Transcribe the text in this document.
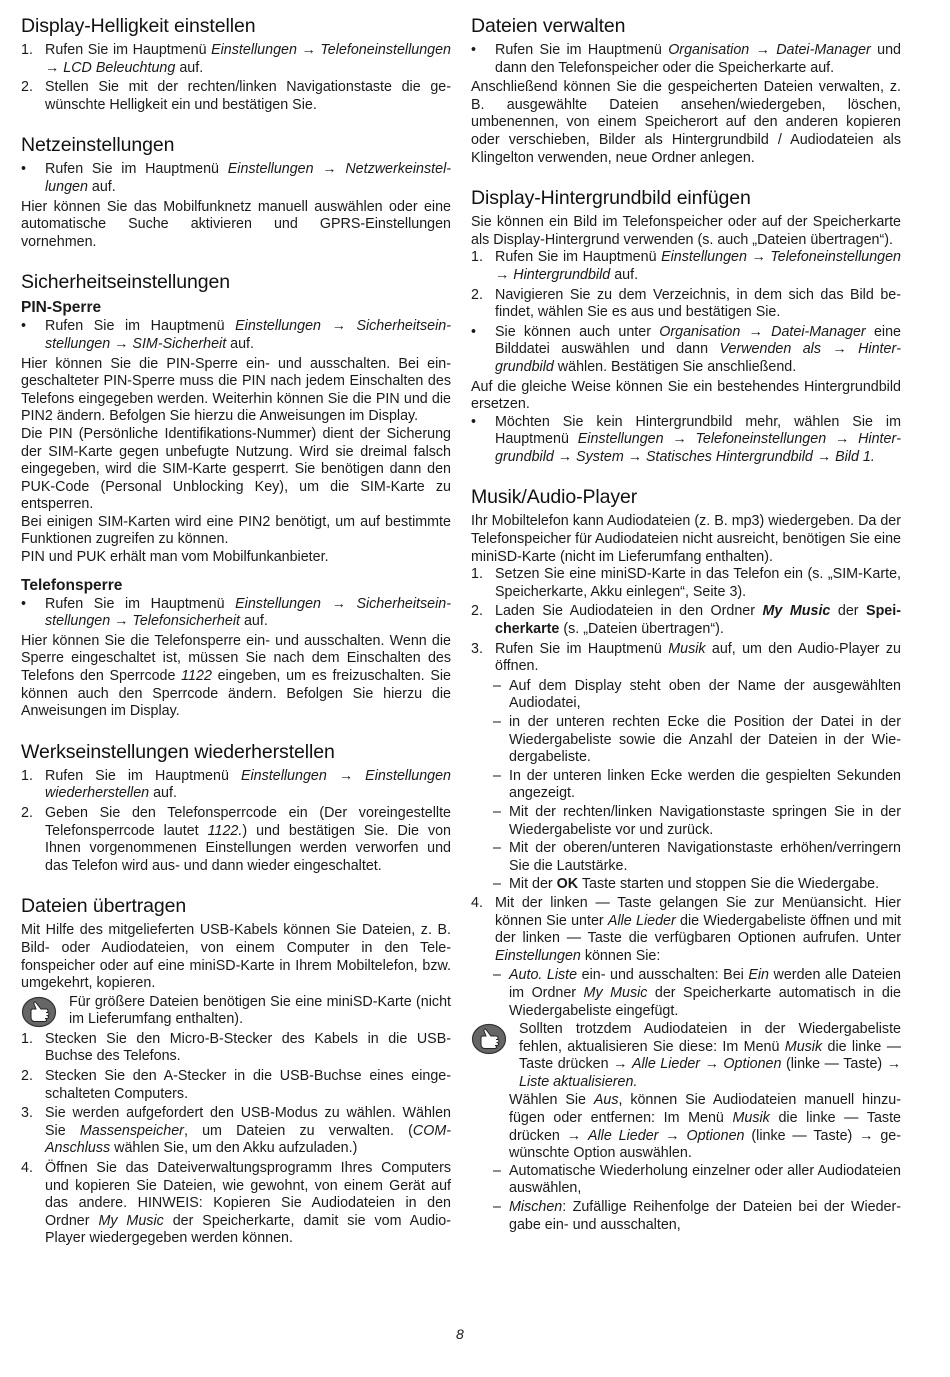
Display-Helligkeit einstellen
1. Rufen Sie im Hauptmenü Einstellungen → Telefoneinstellungen → LCD Beleuchtung auf.
2. Stellen Sie mit der rechten/linken Navigationstaste die gewünschte Helligkeit ein und bestätigen Sie.
Netzeinstellungen
•	Rufen Sie im Hauptmenü Einstellungen → Netzwerkeinstellungen auf.

Hier können Sie das Mobilfunknetz manuell auswählen oder eine automatische Suche aktivieren und GPRS-Einstellungen vornehmen.

Sicherheitseinstellungen
PIN-Sperre
•	Rufen Sie im Hauptmenü Einstellungen → Sicherheitseinstellungen → SIM-Sicherheit auf.

Hier können Sie die PIN-Sperre ein- und ausschalten. Bei eingeschalteter PIN-Sperre muss die PIN nach jedem Einschalten des Telefons eingegeben werden. Weiterhin können Sie die PIN und die PIN2 ändern. Befolgen Sie hierzu die Anweisungen im Display.

Die PIN (Persönliche Identifikations-Nummer) dient der Sicherung der SIM-Karte gegen unbefugte Nutzung. Wird sie dreimal falsch eingegeben, wird die SIM-Karte gesperrt. Sie benötigen dann den PUK-Code (Personal Unblocking Key), um die SIM-Karte zu entsperren.

Bei einigen SIM-Karten wird eine PIN2 benötigt, um auf bestimmte Funktionen zugreifen zu können.

PIN und PUK erhält man vom Mobilfunkanbieter.

Telefonsperre
•	Rufen Sie im Hauptmenü Einstellungen → Sicherheitseinstellungen → Telefonsicherheit auf.

Hier können Sie die Telefonsperre ein- und ausschalten. Wenn die Sperre eingeschaltet ist, müssen Sie nach dem Einschalten des Telefons den Sperrcode 1122 eingeben, um es freizuschalten. Sie können auch den Sperrcode ändern. Befolgen Sie hierzu die Anweisungen im Display.

Werkseinstellungen wiederherstellen
1. Rufen Sie im Hauptmenü Einstellungen → Einstellungen wiederherstellen auf.
2. Geben Sie den Telefonsperrcode ein (Der voreingestellte Telefonsperrcode lautet 1122.) und bestätigen Sie. Die von Ihnen vorgenommenen Einstellungen werden verworfen und das Telefon wird aus- und dann wieder eingeschaltet.
Dateien übertragen

Mit Hilfe des mitgelieferten USB-Kabels können Sie Dateien, z. B. Bild- oder Audiodateien, von einem Computer in den Telefonspeicher oder auf eine miniSD-Karte in Ihrem Mobiltelefon, bzw. umgekehrt, kopieren.

Für größere Dateien benötigen Sie eine miniSD-Karte (nicht im Lieferumfang enthalten).
1. Stecken Sie den Micro-B-Stecker des Kabels in die USB-Buchse des Telefons.
2. Stecken Sie den A-Stecker in die USB-Buchse eines eingeschalteten Computers.
3. Sie werden aufgefordert den USB-Modus zu wählen. Wählen Sie Massenspeicher, um Dateien zu verwalten. (COM-Anschluss wählen Sie, um den Akku aufzuladen.)
4. Öffnen Sie das Dateiverwaltungsprogramm Ihres Computers und kopieren Sie Dateien, wie gewohnt, von einem Gerät auf das andere. HINWEIS: Kopieren Sie Audiodateien in den Ordner My Music der Speicherkarte, damit sie vom Audio-Player wiedergegeben werden können.
Dateien verwalten
•	Rufen Sie im Hauptmenü Organisation → Datei-Manager und dann den Telefonspeicher oder die Speicherkarte auf.

Anschließend können Sie die gespeicherten Dateien verwalten, z. B. ausgewählte Dateien ansehen/wiedergeben, löschen, umbenennen, von einem Speicherort auf den anderen kopieren oder verschieben, Bilder als Hintergrundbild / Audiodateien als Klingelton verwenden, neue Ordner anlegen.

Display-Hintergrundbild einfügen

Sie können ein Bild im Telefonspeicher oder auf der Speicherkarte als Display-Hintergrund verwenden (s. auch „Dateien übertragen“).

1. Rufen Sie im Hauptmenü Einstellungen → Telefoneinstellungen → Hintergrundbild auf.
2. Navigieren Sie zu dem Verzeichnis, in dem sich das Bild befindet, wählen Sie es aus und bestätigen Sie.
•	Sie können auch unter Organisation → Datei-Manager eine Bilddatei auswählen und dann Verwenden als → Hintergrundbild wählen. Bestätigen Sie anschließend.

Auf die gleiche Weise können Sie ein bestehendes Hintergrundbild ersetzen.

•	Möchten Sie kein Hintergrundbild mehr, wählen Sie im Hauptmenü Einstellungen → Telefoneinstellungen → Hintergrundbild → System → Statisches Hintergrundbild → Bild 1.
Musik/Audio-Player

Ihr Mobiltelefon kann Audiodateien (z. B. mp3) wiedergeben. Da der Telefonspeicher für Audiodateien nicht ausreicht, benötigen Sie eine miniSD-Karte (nicht im Lieferumfang enthalten).

1. Setzen Sie eine miniSD-Karte in das Telefon ein (s. „SIM-Karte, Speicherkarte, Akku einlegen“, Seite 3).
2. Laden Sie Audiodateien in den Ordner My Music der Speicherkarte (s. „Dateien übertragen“).
3. Rufen Sie im Hauptmenü Musik auf, um den Audio-Player zu öffnen.
– Auf dem Display steht oben der Name der ausgewählten Audiodatei,
– in der unteren rechten Ecke die Position der Datei in der Wiedergabeliste sowie die Anzahl der Dateien in der Wiedergabeliste.
– In der unteren linken Ecke werden die gespielten Sekunden angezeigt.
– Mit der rechten/linken Navigationstaste springen Sie in der Wiedergabeliste vor und zurück.
– Mit der oberen/unteren Navigationstaste erhöhen/verringern Sie die Lautstärke.
– Mit der OK Taste starten und stoppen Sie die Wiedergabe.
4. Mit der linken — Taste gelangen Sie zur Menüansicht. Hier können Sie unter Alle Lieder die Wiedergabeliste öffnen und mit der linken — Taste die verfügbaren Optionen aufrufen. Unter Einstellungen können Sie:
– Auto. Liste ein- und ausschalten: Bei Ein werden alle Dateien im Ordner My Music der Speicherkarte automatisch in die Wiedergabeliste eingefügt.
Sollten trotzdem Audiodateien in der Wiedergabeliste fehlen, aktualisieren Sie diese: Im Menü Musik die linke — Taste drücken → Alle Lieder → Optionen (linke — Taste) → Liste aktualisieren.
Wählen Sie Aus, können Sie Audiodateien manuell hinzufügen oder entfernen: Im Menü Musik die linke — Taste drücken → Alle Lieder → Optionen (linke — Taste) → gewünschte Option auswählen.
– Automatische Wiederholung einzelner oder aller Audiodateien auswählen,
– Mischen: Zufällige Reihenfolge der Dateien bei der Wiedergabe ein- und ausschalten,
8
